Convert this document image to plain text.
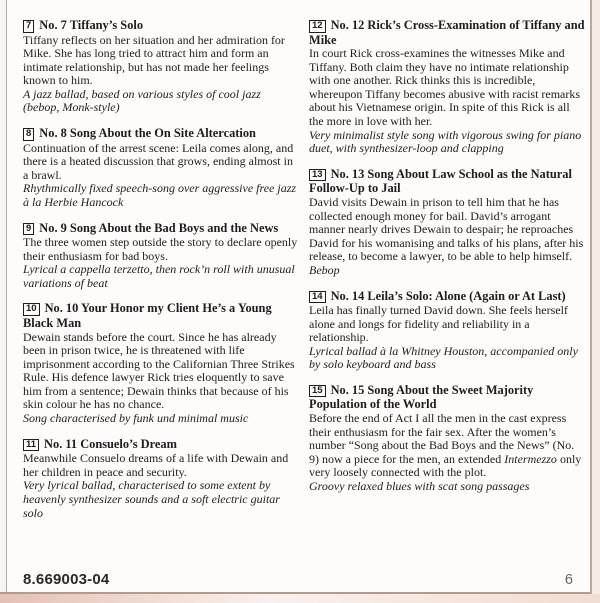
7 No. 7 Tiffany’s Solo

Tiffany reflects on her situation and her admiration for Mike. She has long tried to attract him and form an intimate relationship, but has not made her feelings known to him.

A jazz ballad, based on various styles of cool jazz (bebop, Monk-style)

8 No. 8 Song About the On Site Altercation

Continuation of the arrest scene: Leila comes along, and there is a heated discussion that grows, ending almost in a brawl.

Rhythmically fixed speech-song over aggressive free jazz à la Herbie Hancock

9 No. 9 Song About the Bad Boys and the News

The three women step outside the story to declare openly their enthusiasm for bad boys.

Lyrical a cappella terzetto, then rock’n roll with unusual variations of beat

10 No. 10 Your Honor my Client He’s a Young Black Man

Dewain stands before the court. Since he has already been in prison twice, he is threatened with life imprisonment according to the Californian Three Strikes Rule. His defence lawyer Rick tries eloquently to save him from a sentence; Dewain thinks that because of his skin colour he has no chance.

Song characterised by funk und minimal music

11 No. 11 Consuelo’s Dream

Meanwhile Consuelo dreams of a life with Dewain and her children in peace and security.

Very lyrical ballad, characterised to some extent by heavenly synthesizer sounds and a soft electric guitar solo

12 No. 12 Rick’s Cross-Examination of Tiffany and Mike

In court Rick cross-examines the witnesses Mike and Tiffany. Both claim they have no intimate relationship with one another. Rick thinks this is incredible, whereupon Tiffany becomes abusive with racist remarks about his Vietnamese origin. In spite of this Rick is all the more in love with her.

Very minimalist style song with vigorous swing for piano duet, with synthesizer-loop and clapping

13 No. 13 Song About Law School as the Natural Follow-Up to Jail

David visits Dewain in prison to tell him that he has collected enough money for bail. David’s arrogant manner nearly drives Dewain to despair; he reproaches David for his womanising and talks of his plans, after his release, to become a lawyer, to be able to help himself.

Bebop

14 No. 14 Leila’s Solo: Alone (Again or At Last)

Leila has finally turned David down. She feels herself alone and longs for fidelity and reliability in a relationship.

Lyrical ballad à la Whitney Houston, accompanied only by solo keyboard and bass

15 No. 15 Song About the Sweet Majority Population of the World

Before the end of Act I all the men in the cast express their enthusiasm for the fair sex. After the women’s number “Song about the Bad Boys and the News” (No. 9) now a piece for the men, an extended Intermezzo only very loosely connected with the plot.

Groovy relaxed blues with scat song passages

8.669003-04	6
